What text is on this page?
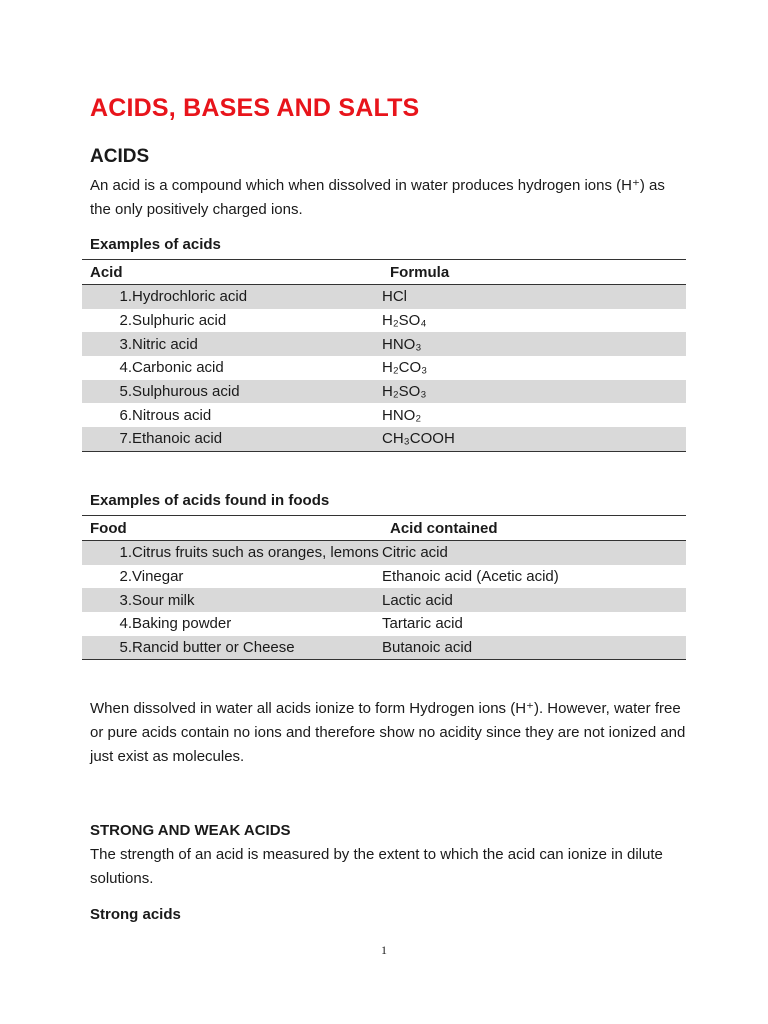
ACIDS, BASES AND SALTS
ACIDS

An acid is a compound which when dissolved in water produces hydrogen ions (H⁺) as the only positively charged ions.

Examples of acids

Acid		Formula
1.	Hydrochloric acid	HCl
2.	Sulphuric acid	H₂SO₄
3.	Nitric acid	HNO₃
4.	Carbonic acid	H₂CO₃
5.	Sulphurous acid	H₂SO₃
6.	Nitrous acid	HNO₂
7.	Ethanoic acid	CH₃COOH

Examples of acids found in foods

Food		Acid contained
1.	Citrus fruits such as oranges, lemons	Citric acid
2.	Vinegar	Ethanoic acid (Acetic acid)
3.	Sour milk	Lactic acid
4.	Baking powder	Tartaric acid
5.	Rancid butter or Cheese	Butanoic acid

When dissolved in water all acids ionize to form Hydrogen ions (H⁺). However, water free or pure acids contain no ions and therefore show no acidity since they are not ionized and just exist as molecules.

STRONG AND WEAK ACIDS

The strength of an acid is measured by the extent to which the acid can ionize in dilute solutions.

Strong acids

1
